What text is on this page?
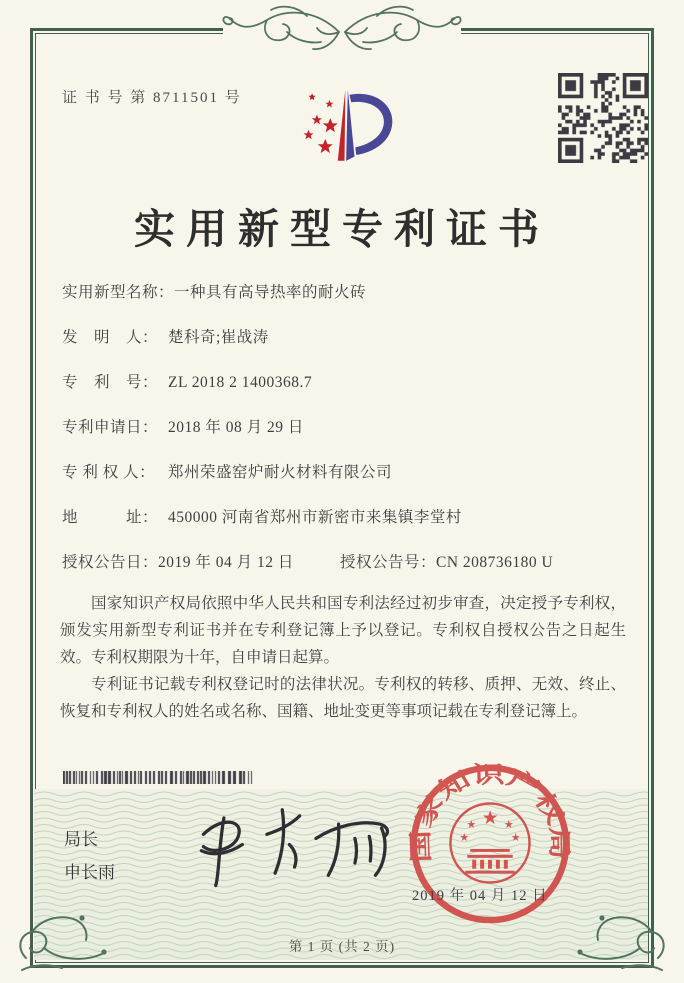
证 书 号 第 8711501 号
实用新型专利证书
实用新型名称：一种具有高导热率的耐火砖
发　明　人： 楚科奇;崔战涛
专　利　号： ZL 2018 2 1400368.7
专利申请日： 2018 年 08 月 29 日
专 利 权 人： 郑州荣盛窑炉耐火材料有限公司
地　　　址： 450000 河南省郑州市新密市来集镇李堂村
授权公告日：2019 年 04 月 12 日	授权公告号：CN 208736180 U

国家知识产权局依照中华人民共和国专利法经过初步审查，决定授予专利权，颁发实用新型专利证书并在专利登记簿上予以登记。专利权自授权公告之日起生效。专利权期限为十年，自申请日起算。

专利证书记载专利权登记时的法律状况。专利权的转移、质押、无效、终止、恢复和专利权人的姓名或名称、国籍、地址变更等事项记载在专利登记簿上。

局长
申长雨
国家知识产权局
★
★	★
★	★
2019 年 04 月 12 日
第 1 页 (共 2 页)
